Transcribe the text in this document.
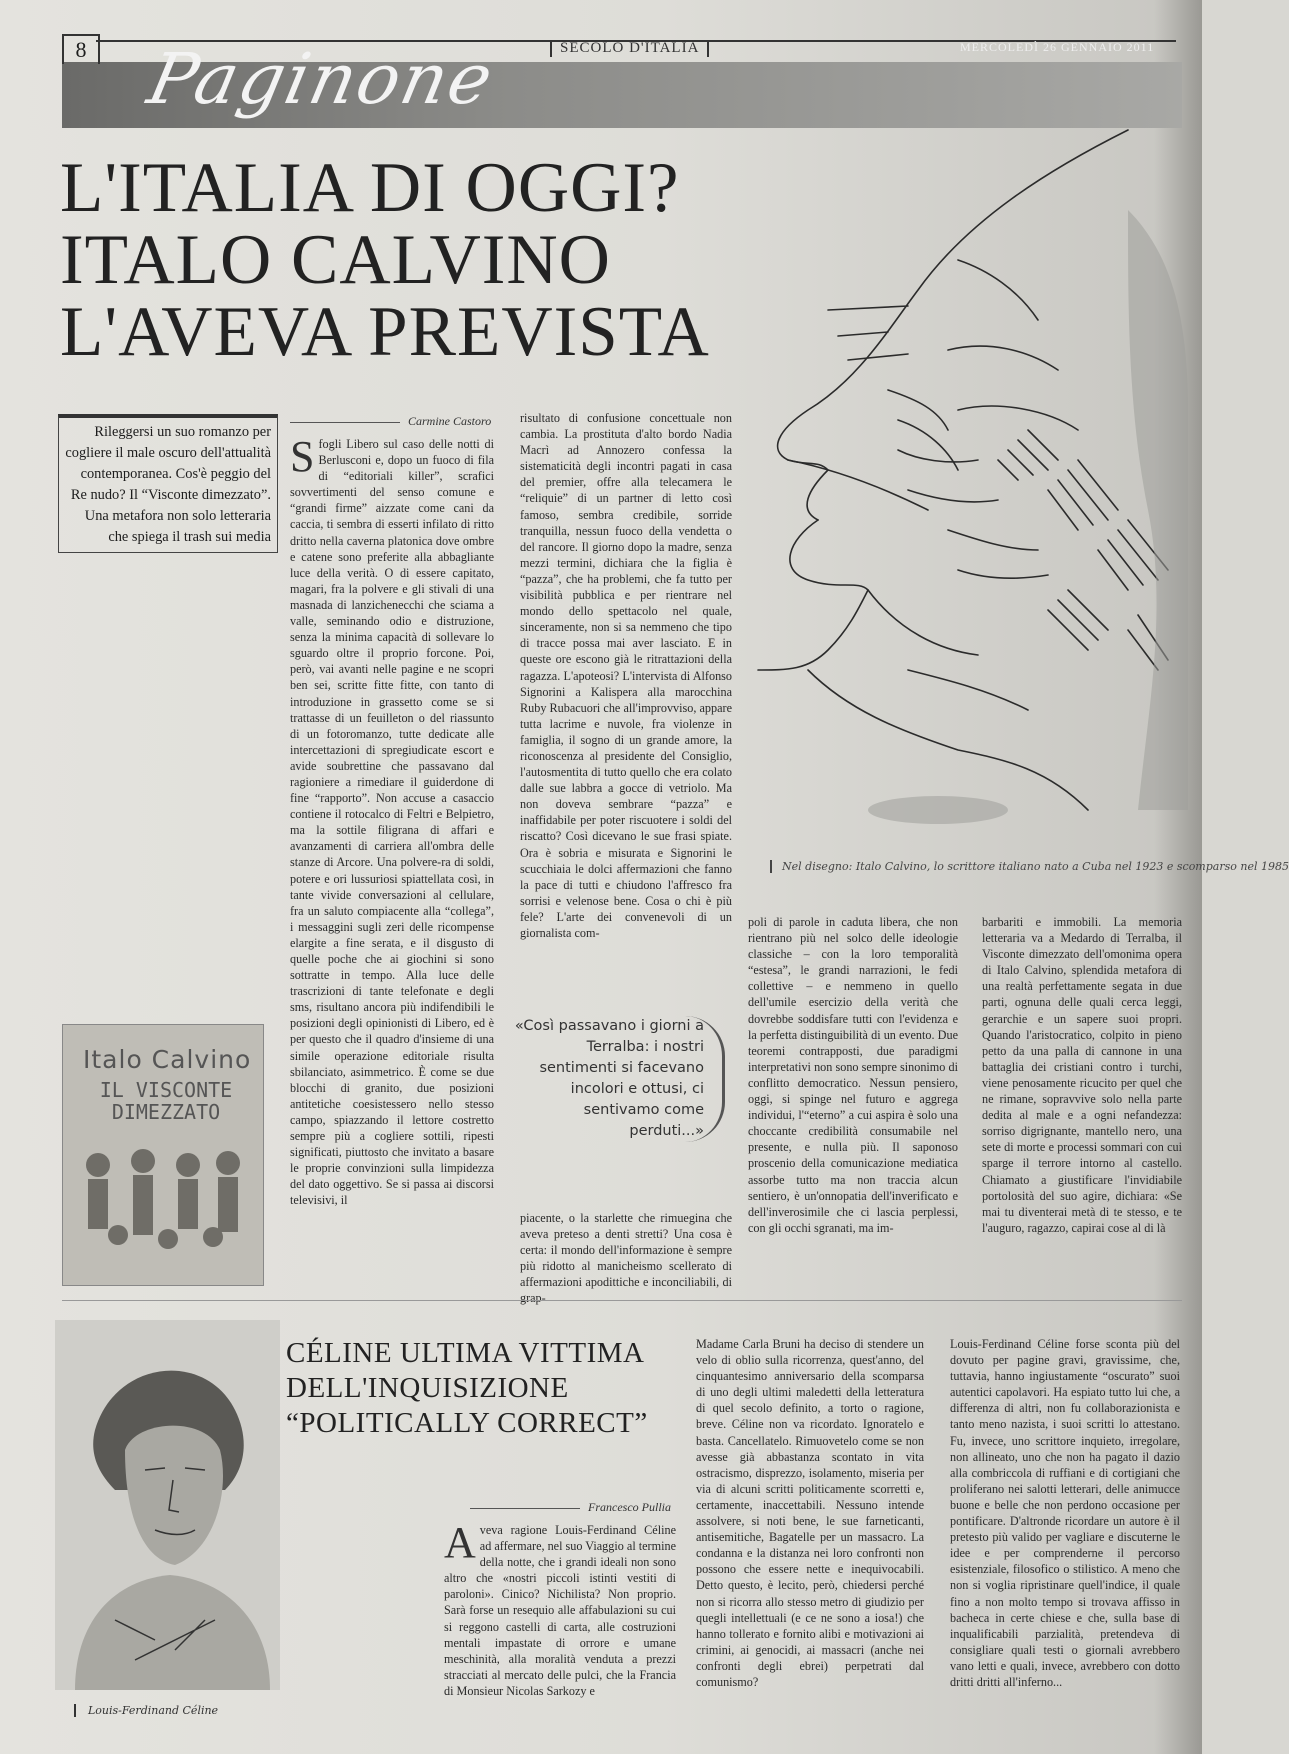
8	SECOLO D'ITALIA	MERCOLEDÌ 26 GENNAIO 2011
Paginone
L'ITALIA DI OGGI?
ITALO CALVINO
L'AVEVA PREVISTA
Nel disegno: Italo Calvino, lo scrittore italiano nato a Cuba nel 1923 e scomparso nel 1985
Rileggersi un suo romanzo per cogliere il male oscuro dell'attualità contemporanea. Cos'è peggio del Re nudo? Il “Visconte dimezzato”. Una metafora non solo letteraria che spiega il trash sui media
Carmine Castoro
S fogli Libero sul caso delle notti di Berlusconi e, dopo un fuoco di fila di “editoriali killer”, scrafici sovvertimenti del senso comune e “grandi firme” aizzate come cani da caccia, ti sembra di esserti infilato di ritto dritto nella caverna platonica dove ombre e catene sono preferite alla abbagliante luce della verità. O di essere capitato, magari, fra la polvere e gli stivali di una masnada di lanzichenecchi che sciama a valle, seminando odio e distruzione, senza la minima capacità di sollevare lo sguardo oltre il proprio forcone. Poi, però, vai avanti nelle pagine e ne scopri ben sei, scritte fitte fitte, con tanto di introduzione in grassetto come se si trattasse di un feuilleton o del riassunto di un fotoromanzo, tutte dedicate alle intercettazioni di spregiudicate escort e avide soubrettine che passavano dal ragioniere a rimediare il guiderdone di fine “rapporto”. Non accuse a casaccio contiene il rotocalco di Feltri e Belpietro, ma la sottile filigrana di affari e avanzamenti di carriera all'ombra delle stanze di Arcore. Una polvere-ra di soldi, potere e ori lussuriosi spiattellata così, in tante vivide conversazioni al cellulare, fra un saluto compiacente alla “collega”, i messaggini sugli zeri delle ricompense elargite a fine serata, e il disgusto di quelle poche che ai giochini si sono sottratte in tempo. Alla luce delle trascrizioni di tante telefonate e degli sms, risultano ancora più indifendibili le posizioni degli opinionisti di Libero, ed è per questo che il quadro d'insieme di una simile operazione editoriale risulta sbilanciato, asimmetrico. È come se due blocchi di granito, due posizioni antitetiche coesistessero nello stesso campo, spiazzando il lettore costretto sempre più a cogliere sottili, ripesti significati, piuttosto che invitato a basare le proprie convinzioni sulla limpidezza del dato oggettivo. Se si passa ai discorsi televisivi, il

risultato di confusione concettuale non cambia. La prostituta d'alto bordo Nadia Macrì ad Annozero confessa la sistematicità degli incontri pagati in casa del premier, offre alla telecamera le “reliquie” di un partner di letto così famoso, sembra credibile, sorride tranquilla, nessun fuoco della vendetta o del rancore. Il giorno dopo la madre, senza mezzi termini, dichiara che la figlia è “pazza”, che ha problemi, che fa tutto per visibilità pubblica e per rientrare nel mondo dello spettacolo nel quale, sinceramente, non si sa nemmeno che tipo di tracce possa mai aver lasciato. E in queste ore escono già le ritrattazioni della ragazza. L'apoteosi? L'intervista di Alfonso Signorini a Kalispera alla marocchina Ruby Rubacuori che all'improvviso, appare tutta lacrime e nuvole, fra violenze in famiglia, il sogno di un grande amore, la riconoscenza al presidente del Consiglio, l'autosmentita di tutto quello che era colato dalle sue labbra a gocce di vetriolo. Ma non doveva sembrare “pazza” e inaffidabile per poter riscuotere i soldi del riscatto? Così dicevano le sue frasi spiate. Ora è sobria e misurata e Signorini le scucchiaia le dolci affermazioni che fanno la pace di tutti e chiudono l'affresco fra sorrisi e velenose bene. Cosa o chi è più fele? L'arte dei convenevoli di un giornalista com-

«Così passavano i giorni a Terralba: i nostri sentimenti si facevano incolori e ottusi, ci sentivamo come perduti...»

piacente, o la starlette che rimuegina che aveva preteso a denti stretti? Una cosa è certa: il mondo dell'informazione è sempre più ridotto al manicheismo scellerato di affermazioni apodittiche e inconciliabili, di grap-

poli di parole in caduta libera, che non rientrano più nel solco delle ideologie classiche – con la loro temporalità “estesa”, le grandi narrazioni, le fedi collettive – e nemmeno in quello dell'umile esercizio della verità che dovrebbe soddisfare tutti con l'evidenza e la perfetta distinguibilità di un evento. Due teoremi contrapposti, due paradigmi interpretativi non sono sempre sinonimo di conflitto democratico. Nessun pensiero, oggi, si spinge nel futuro e aggrega individui, l'“eterno” a cui aspira è solo una choccante credibilità consumabile nel presente, e nulla più. Il saponoso proscenio della comunicazione mediatica assorbe tutto ma non traccia alcun sentiero, è un'onnopatia dell'inverificato e dell'inverosimile che ci lascia perplessi, con gli occhi sgranati, ma im-

barbariti e immobili. La memoria letteraria va a Medardo di Terralba, il Visconte dimezzato dell'omonima opera di Italo Calvino, splendida metafora di una realtà perfettamente segata in due parti, ognuna delle quali cerca leggi, gerarchie e un sapere suoi propri. Quando l'aristocratico, colpito in pieno petto da una palla di cannone in una battaglia dei cristiani contro i turchi, viene penosamente ricucito per quel che ne rimane, sopravvive solo nella parte dedita al male e a ogni nefandezza: sorriso digrignante, mantello nero, una sete di morte e processi sommari con cui sparge il terrore intorno al castello. Chiamato a giustificare l'invidiabile portolosità del suo agire, dichiara: «Se mai tu diventerai metà di te stesso, e te l'auguro, ragazzo, capirai cose al di là

Italo Calvino
IL VISCONTE DIMEZZATO
Louis-Ferdinand Céline
CÉLINE ULTIMA VITTIMA
DELL'INQUISIZIONE
“POLITICALLY CORRECT”
Francesco Pullia
A veva ragione Louis-Ferdinand Céline ad affermare, nel suo Viaggio al termine della notte, che i grandi ideali non sono altro che «nostri piccoli istinti vestiti di paroloni». Cinico? Nichilista? Non proprio. Sarà forse un resequio alle affabulazioni su cui si reggono castelli di carta, alle costruzioni mentali impastate di orrore e umane meschinità, alla moralità venduta a prezzi stracciati al mercato delle pulci, che la Francia di Monsieur Nicolas Sarkozy e

Madame Carla Bruni ha deciso di stendere un velo di oblio sulla ricorrenza, quest'anno, del cinquantesimo anniversario della scomparsa di uno degli ultimi maledetti della letteratura di quel secolo definito, a torto o ragione, breve. Céline non va ricordato. Ignoratelo e basta. Cancellatelo. Rimuovetelo come se non avesse già abbastanza scontato in vita ostracismo, disprezzo, isolamento, miseria per via di alcuni scritti politicamente scorretti e, certamente, inaccettabili. Nessuno intende assolvere, si noti bene, le sue farneticanti, antisemitiche, Bagatelle per un massacro. La condanna e la distanza nei loro confronti non possono che essere nette e inequivocabili. Detto questo, è lecito, però, chiedersi perché non si ricorra allo stesso metro di giudizio per quegli intellettuali (e ce ne sono a iosa!) che hanno tollerato e fornito alibi e motivazioni ai crimini, ai genocidi, ai massacri (anche nei confronti degli ebrei) perpetrati dal comunismo?

Louis-Ferdinand Céline forse sconta più del dovuto per pagine gravi, gravissime, che, tuttavia, hanno ingiustamente “oscurato” suoi autentici capolavori. Ha espiato tutto lui che, a differenza di altri, non fu collaborazionista e tanto meno nazista, i suoi scritti lo attestano. Fu, invece, uno scrittore inquieto, irregolare, non allineato, uno che non ha pagato il dazio alla combriccola di ruffiani e di cortigiani che proliferano nei salotti letterari, delle animucce buone e belle che non perdono occasione per pontificare. D'altronde ricordare un autore è il pretesto più valido per vagliare e discuterne le idee e per comprenderne il percorso esistenziale, filosofico o stilistico. A meno che non si voglia ripristinare quell'indice, il quale fino a non molto tempo si trovava affisso in bacheca in certe chiese e che, sulla base di inqualificabili parzialità, pretendeva di consigliare quali testi o giornali avrebbero vano letti e quali, invece, avrebbero con dotto dritti dritti all'inferno...
